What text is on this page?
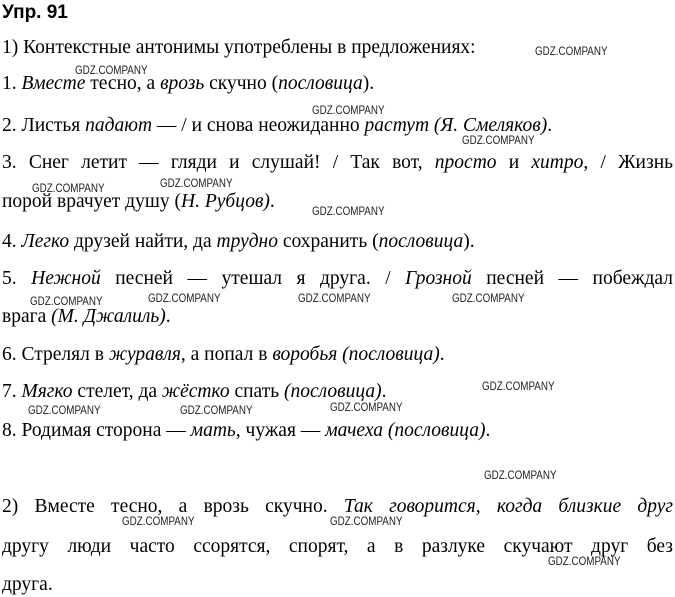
Упр. 91
1) Контекстные антонимы употреблены в предложениях:
1. Вместе тесно, а врозь скучно (пословица).
2. Листья падают — / и снова неожиданно растут (Я. Смеляков).
3. Снег летит — гляди и слушай! / Так вот, просто и хитро, / Жизнь
порой врачует душу (Н. Рубцов).
4. Легко друзей найти, да трудно сохранить (пословица).
5. Нежной песней — утешал я друга. / Грозной песней — побеждал
врага (М. Джалиль).
6. Стрелял в журавля, а попал в воробья (пословица).
7. Мягко стелет, да жёстко спать (пословица).
8. Родимая сторона — мать, чужая — мачеха (пословица).
2) Вместе тесно, а врозь скучно. Так говорится, когда близкие друг
другу люди часто ссорятся, спорят, а в разлуке скучают друг без
друга.
GDZ.COMPANY
GDZ.COMPANY
GDZ.COMPANY
GDZ.COMPANY
GDZ.COMPANY	GDZ.COMPANY
GDZ.COMPANY
GDZ.COMPANY	GDZ.COMPANY	GDZ.COMPANY	GDZ.COMPANY
GDZ.COMPANY
GDZ.COMPANY	GDZ.COMPANY	GDZ.COMPANY
GDZ.COMPANY
GDZ.COMPANY	GDZ.COMPANY
GDZ.COMPANY
